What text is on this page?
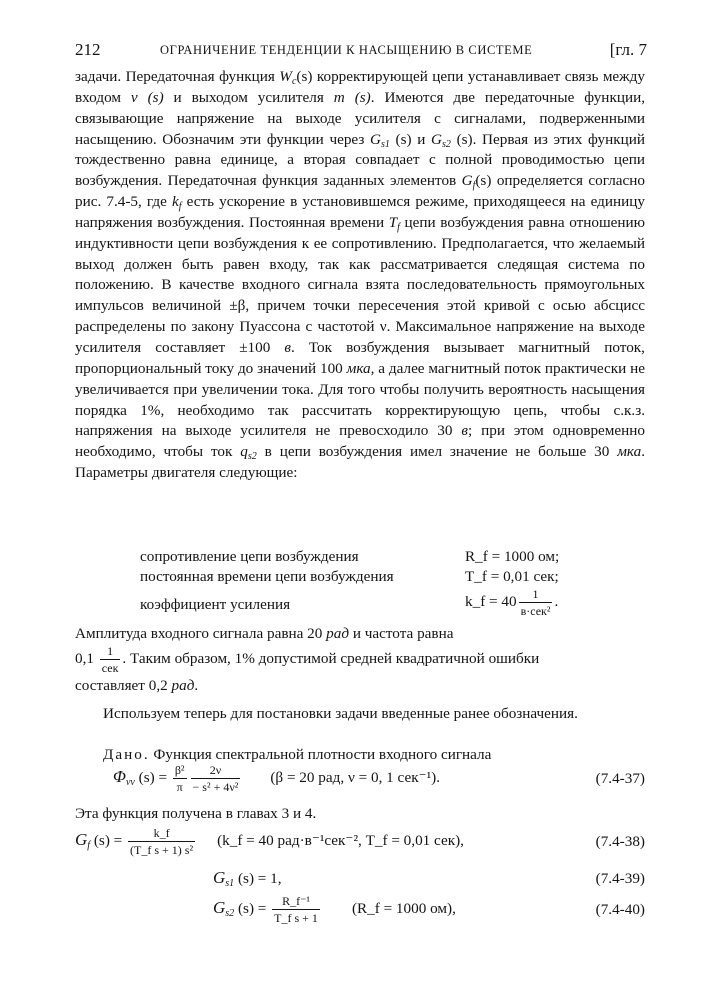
212	ОГРАНИЧЕНИЕ ТЕНДЕНЦИИ К НАСЫЩЕНИЮ В СИСТЕМЕ	[гл. 7

задачи. Передаточная функция $W_c(s)$ корректирующей цепи устанавливает связь между входом v (s) и выходом усилителя m (s). Имеются две передаточные функции, связывающие напряжение на выходе усилителя с сигналами, подверженными насыщению. Обозначим эти функции через $G_{s1}$ (s) и $G_{s2}$ (s). Первая из этих функций тождественно равна единице, а вторая совпадает с полной проводимостью цепи возбуждения. Передаточная функция заданных элементов $G_f(s)$ определяется согласно рис. 7.4-5, где $k_f$ есть ускорение в установившемся режиме, приходящееся на единицу напряжения возбуждения. Постоянная времени $T_f$ цепи возбуждения равна отношению индуктивности цепи возбуждения к ее сопротивлению. Предполагается, что желаемый выход должен быть равен входу, так как рассматривается следящая система по положению. В качестве входного сигнала взята последовательность прямоугольных импульсов величиной ±β, причем точки пересечения этой кривой с осью абсцисс распределены по закону Пуассона с частотой ν. Максимальное напряжение на выходе усилителя составляет ±100 в. Ток возбуждения вызывает магнитный поток, пропорциональный току до значений 100 мка, а далее магнитный поток практически не увеличивается при увеличении тока. Для того чтобы получить вероятность насыщения порядка 1%, необходимо так рассчитать корректирующую цепь, чтобы с.к.з. напряжения на выходе усилителя не превосходило 30 в; при этом одновременно необходимо, чтобы ток $q_{s2}$ в цепи возбуждения имел значение не больше 30 мка. Параметры двигателя следующие:

сопротивление цепи возбуждения	R_f = 1000 ом;
постоянная времени цепи возбуждения	T_f = 0,01 сек;
коэффициент усиления	k_f = $40 \frac{1}{\text{в·сек²}}$ .
Амплитуда входного сигнала равна 20 рад и частота равна
$0,1 \frac{1}{\text{сек}}$ . Таким образом, 1% допустимой средней квадратичной ошибки
составляет 0,2 рад.
Используем теперь для постановки задачи введенные ранее обозначения.
Дано. Функция спектральной плотности входного сигнала
$\Phi_{vv}$ $(s) = \frac{\text{β²}}{\pi} \frac{2\nu}{\text{− s² + 4ν²}} (\beta = 20$ рад, ν = 0, 1 сек⁻¹).	(7.4-37)
Эта функция получена в главах 3 и 4.
$G_f$ $(s) = \frac{k\_f}{\text{(T\_f s + 1) s²}}$ (k_f = 40 рад·в⁻¹сек⁻², T_f = 0,01 сек),	(7.4-38)
$G_{s1}$ (s) = 1,	(7.4-39)
$G_{s2}$ $(s) = \frac{\text{R\_f⁻¹}}{\text{T\_f s + 1}}$ (R_f = 1000 ом),	(7.4-40)
